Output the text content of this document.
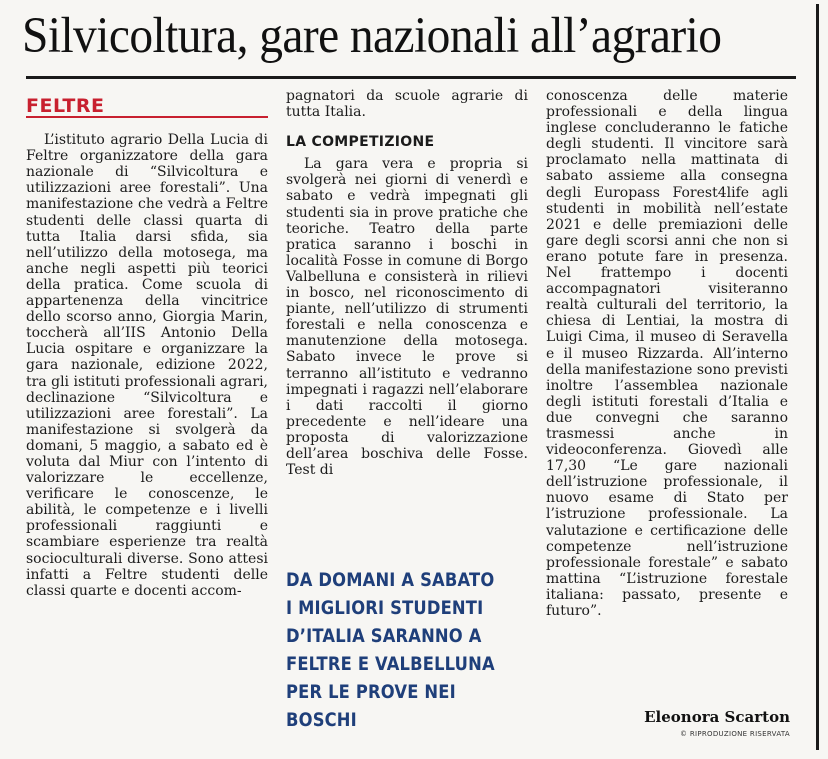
Silvicoltura, gare nazionali all’agrario
FELTRE

L’istituto agrario Della Lucia di Feltre organizzatore della gara nazionale di “Silvicoltura e utilizzazioni aree forestali”. Una manifestazione che vedrà a Feltre studenti delle classi quarta di tutta Italia darsi sfida, sia nell’utilizzo della motosega, ma anche negli aspetti più teorici della pratica. Come scuola di appartenenza della vincitrice dello scorso anno, Giorgia Marin, toccherà all’IIS Antonio Della Lucia ospitare e organizzare la gara nazionale, edizione 2022, tra gli istituti professionali agrari, declinazione “Silvicoltura e utilizzazioni aree forestali”. La manifestazione si svolgerà da domani, 5 maggio, a sabato ed è voluta dal Miur con l’intento di valorizzare le eccellenze, verificare le conoscenze, le abilità, le competenze e i livelli professionali raggiunti e scambiare esperienze tra realtà socioculturali diverse. Sono attesi infatti a Feltre studenti delle classi quarte e docenti accom-

pagnatori da scuole agrarie di tutta Italia.

LA COMPETIZIONE

La gara vera e propria si svolgerà nei giorni di venerdì e sabato e vedrà impegnati gli studenti sia in prove pratiche che teoriche. Teatro della parte pratica saranno i boschi in località Fosse in comune di Borgo Valbelluna e consisterà in rilievi in bosco, nel riconoscimento di piante, nell’utilizzo di strumenti forestali e nella conoscenza e manutenzione della motosega. Sabato invece le prove si terranno all’istituto e vedranno impegnati i ragazzi nell’elaborare i dati raccolti il giorno precedente e nell’ideare una proposta di valorizzazione dell’area boschiva delle Fosse. Test di

DA DOMANI A SABATO I MIGLIORI STUDENTI D’ITALIA SARANNO A FELTRE E VALBELLUNA PER LE PROVE NEI BOSCHI

conoscenza delle materie professionali e della lingua inglese concluderanno le fatiche degli studenti. Il vincitore sarà proclamato nella mattinata di sabato assieme alla consegna degli Europass Forest4life agli studenti in mobilità nell’estate 2021 e delle premiazioni delle gare degli scorsi anni che non si erano potute fare in presenza. Nel frattempo i docenti accompagnatori visiteranno realtà culturali del territorio, la chiesa di Lentiai, la mostra di Luigi Cima, il museo di Seravella e il museo Rizzarda. All’interno della manifestazione sono previsti inoltre l’assemblea nazionale degli istituti forestali d’Italia e due convegni che saranno trasmessi anche in videoconferenza. Giovedì alle 17,30 “Le gare nazionali dell’istruzione professionale, il nuovo esame di Stato per l’istruzione professionale. La valutazione e certificazione delle competenze nell’istruzione professionale forestale” e sabato mattina “L’istruzione forestale italiana: passato, presente e futuro”.

Eleonora Scarton
© RIPRODUZIONE RISERVATA
